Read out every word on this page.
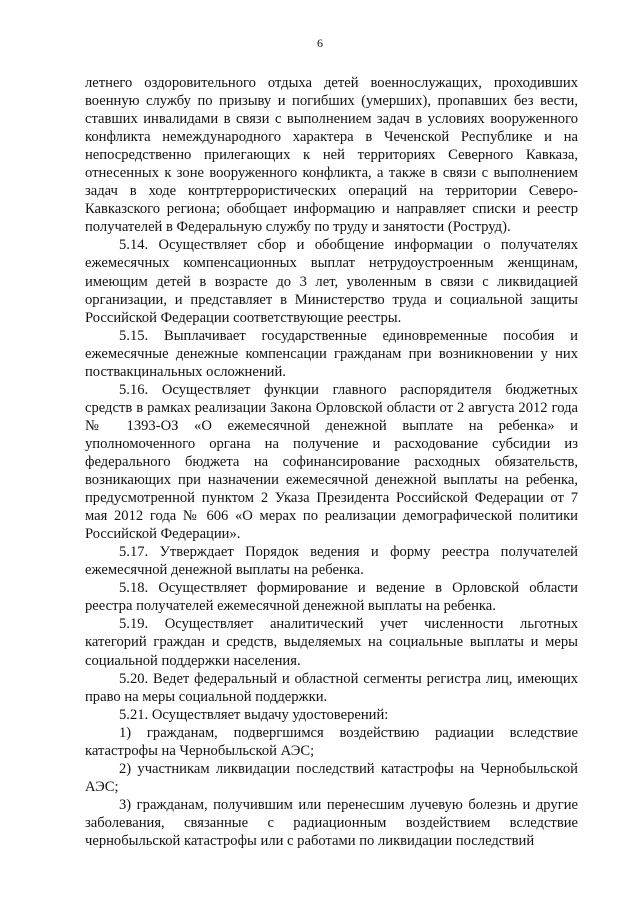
6

летнего оздоровительного отдыха детей военнослужащих, проходивших военную службу по призыву и погибших (умерших), пропавших без вести, ставших инвалидами в связи с выполнением задач в условиях вооруженного конфликта немеждународного характера в Чеченской Республике и на непосредственно прилегающих к ней территориях Северного Кавказа, отнесенных к зоне вооруженного конфликта, а также в связи с выполнением задач в ходе контртеррористических операций на территории Северо-Кавказского региона; обобщает информацию и направляет списки и реестр получателей в Федеральную службу по труду и занятости (Роструд).

5.14. Осуществляет сбор и обобщение информации о получателях ежемесячных компенсационных выплат нетрудоустроенным женщинам, имеющим детей в возрасте до 3 лет, уволенным в связи с ликвидацией организации, и представляет в Министерство труда и социальной защиты Российской Федерации соответствующие реестры.

5.15. Выплачивает государственные единовременные пособия и ежемесячные денежные компенсации гражданам при возникновении у них поствакцинальных осложнений.

5.16. Осуществляет функции главного распорядителя бюджетных средств в рамках реализации Закона Орловской области от 2 августа 2012 года № 1393-ОЗ «О ежемесячной денежной выплате на ребенка» и уполномоченного органа на получение и расходование субсидии из федерального бюджета на софинансирование расходных обязательств, возникающих при назначении ежемесячной денежной выплаты на ребенка, предусмотренной пунктом 2 Указа Президента Российской Федерации от 7 мая 2012 года № 606 «О мерах по реализации демографической политики Российской Федерации».

5.17. Утверждает Порядок ведения и форму реестра получателей ежемесячной денежной выплаты на ребенка.

5.18. Осуществляет формирование и ведение в Орловской области реестра получателей ежемесячной денежной выплаты на ребенка.

5.19. Осуществляет аналитический учет численности льготных категорий граждан и средств, выделяемых на социальные выплаты и меры социальной поддержки населения.

5.20. Ведет федеральный и областной сегменты регистра лиц, имеющих право на меры социальной поддержки.

5.21. Осуществляет выдачу удостоверений:

1) гражданам, подвергшимся воздействию радиации вследствие катастрофы на Чернобыльской АЭС;

2) участникам ликвидации последствий катастрофы на Чернобыльской АЭС;

3) гражданам, получившим или перенесшим лучевую болезнь и другие заболевания, связанные с радиационным воздействием вследствие чернобыльской катастрофы или с работами по ликвидации последствий
